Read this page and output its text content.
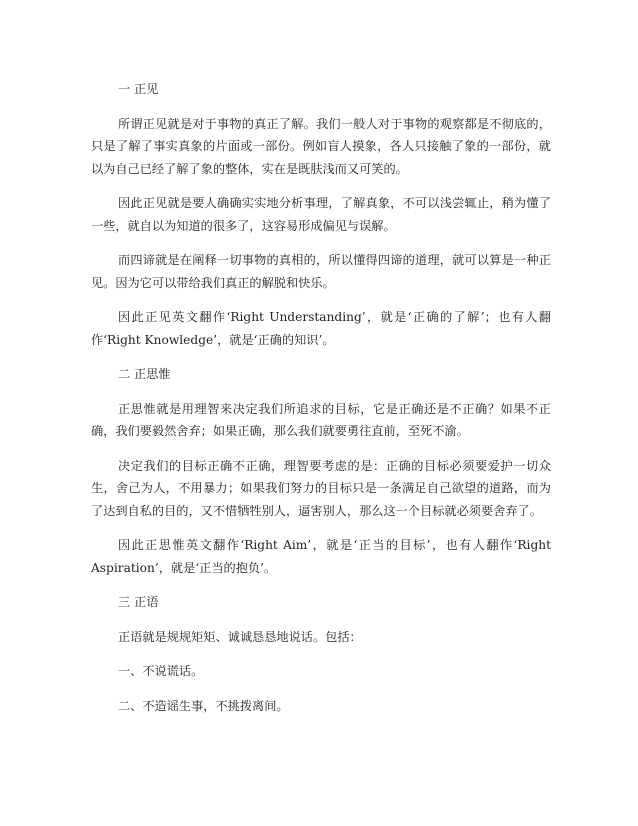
一 正见

所谓正见就是对于事物的真正了解。我们一般人对于事物的观察都是不彻底的，只是了解了事实真象的片面或一部份。例如盲人摸象，各人只接触了象的一部份，就以为自己已经了解了象的整体，实在是既肤浅而又可笑的。

因此正见就是要人确确实实地分析事理，了解真象，不可以浅尝辄止，稍为懂了一些，就自以为知道的很多了，这容易形成偏见与误解。

而四谛就是在阐释一切事物的真相的，所以懂得四谛的道理，就可以算是一种正见。因为它可以带给我们真正的解脱和快乐。

因此正见英文翻作‘Right Understanding’，就是‘正确的了解’；也有人翻作‘Right Knowledge’，就是‘正确的知识’。

二 正思惟

正思惟就是用理智来决定我们所追求的目标，它是正确还是不正确？如果不正确，我们要毅然舍弃；如果正确，那么我们就要勇往直前，至死不渝。

决定我们的目标正确不正确，理智要考虑的是：正确的目标必须要爱护一切众生，舍己为人，不用暴力；如果我们努力的目标只是一条满足自己欲望的道路，而为了达到自私的目的，又不惜牺牲别人，逼害别人，那么这一个目标就必须要舍弃了。

因此正思惟英文翻作‘Right Aim’，就是‘正当的目标’，也有人翻作‘Right Aspiration’，就是‘正当的抱负’。

三 正语

正语就是规规矩矩、诚诚恳恳地说话。包括：

一、不说谎话。

二、不造谣生事，不挑拨离间。
